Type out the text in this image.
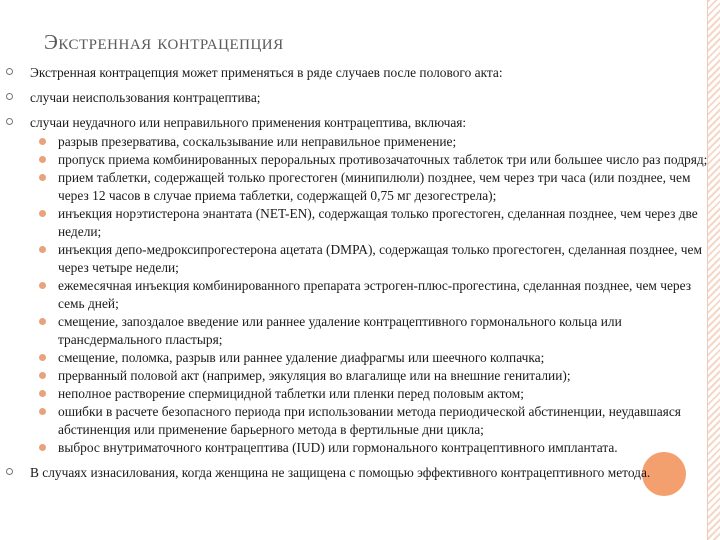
Экстренная контрацепция
Экстренная контрацепция может применяться в ряде случаев после полового акта:
случаи неиспользования контрацептива;
случаи неудачного или неправильного применения контрацептива, включая:
разрыв презерватива, соскальзывание или неправильное применение;
пропуск приема комбинированных пероральных противозачаточных таблеток три или большее число раз подряд;
прием таблетки, содержащей только прогестоген (минипилюли) позднее, чем через три часа (или позднее, чем через 12 часов в случае приема таблетки, содержащей 0,75 мг дезогестрела);
инъекция норэтистерона энантата (NET-EN), содержащая только прогестоген, сделанная позднее, чем через две недели;
инъекция депо-медроксипрогестерона ацетата (DMPA), содержащая только прогестоген, сделанная позднее, чем через четыре недели;
ежемесячная инъекция комбинированного препарата эстроген-плюс-прогестина, сделанная позднее, чем через семь дней;
смещение, запоздалое введение или раннее удаление контрацептивного гормонального кольца или трансдермального пластыря;
смещение, поломка, разрыв или раннее удаление диафрагмы или шеечного колпачка;
прерванный половой акт (например, эякуляция во влагалище или на внешние гениталии);
неполное растворение спермицидной таблетки или пленки перед половым актом;
ошибки в расчете безопасного периода при использовании метода периодической абстиненции, неудавшаяся абстиненция или применение барьерного метода в фертильные дни цикла;
выброс внутриматочного контрацептива (IUD) или гормонального контрацептивного имплантата.
В случаях изнасилования, когда женщина не защищена с помощью эффективного контрацептивного метода.
